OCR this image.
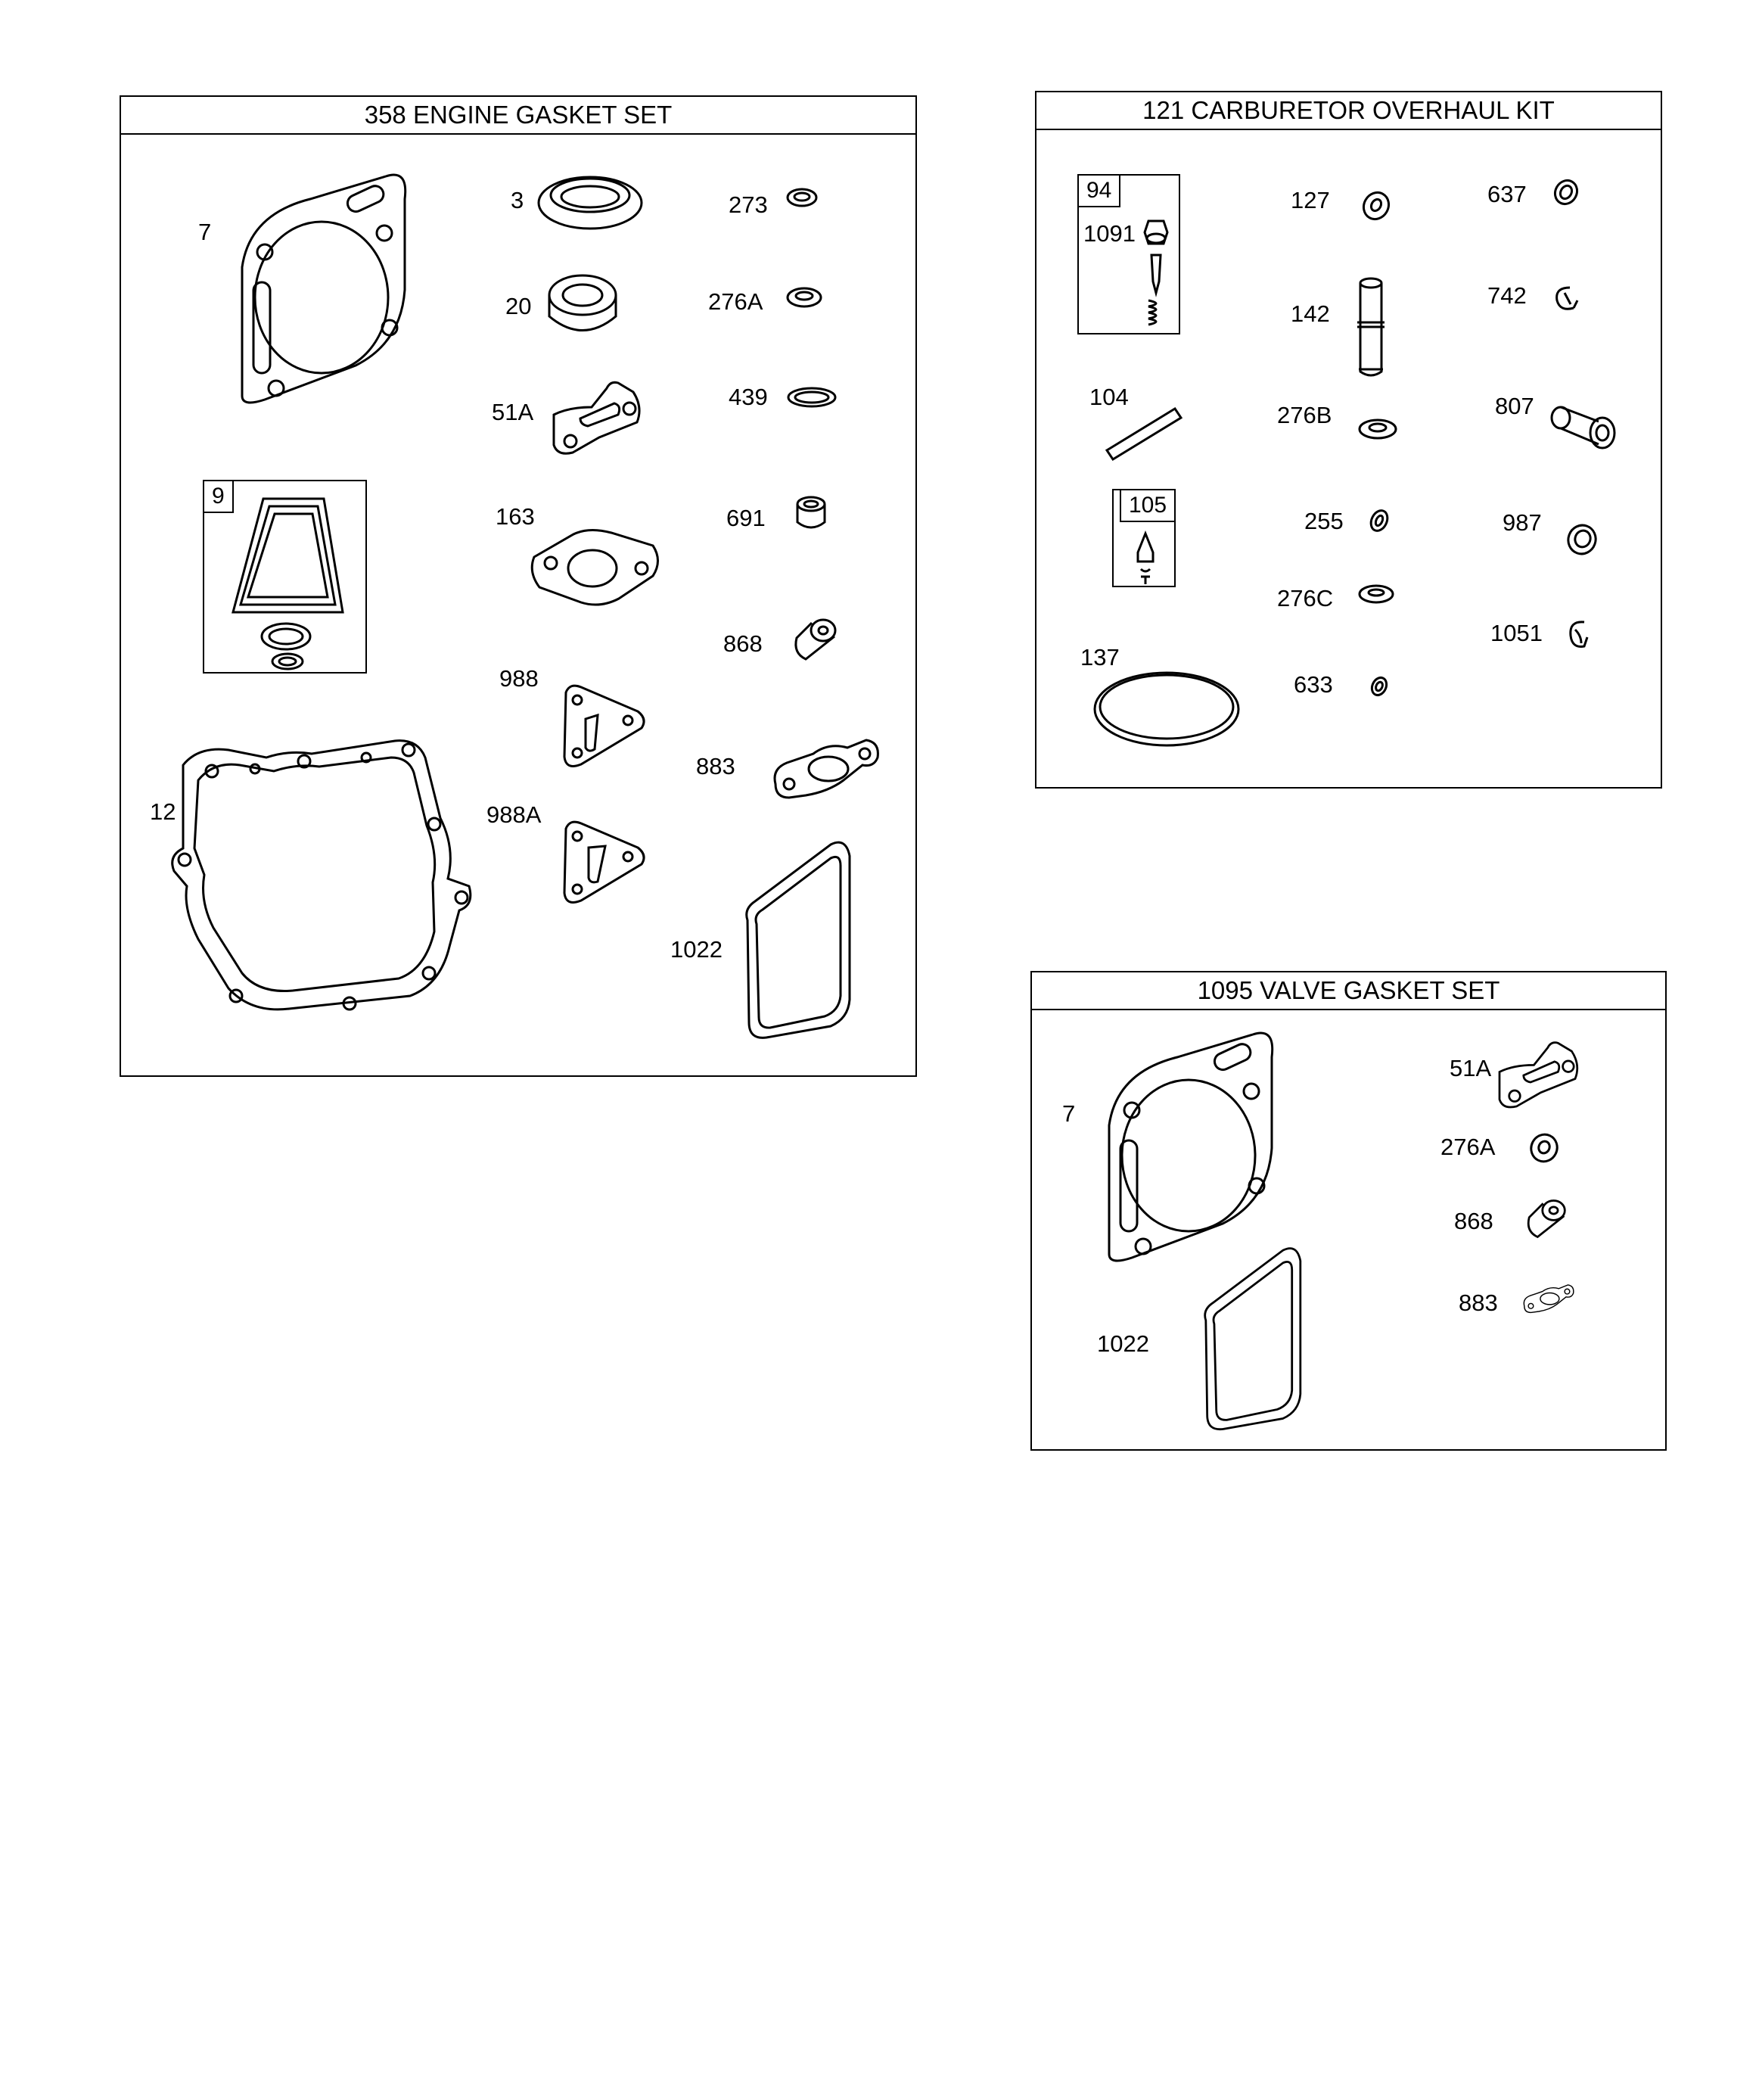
358 ENGINE GASKET SET
7
3	273
20	276A
51A
439
9
163	691
868
988
883
12	988A
1022
121 CARBURETOR OVERHAUL KIT
94
1091
127	637
142
742
104
276B	807
105
255	987
276C
1051
137
633
1095 VALVE GASKET SET
7
51A
276A
868
883
1022
